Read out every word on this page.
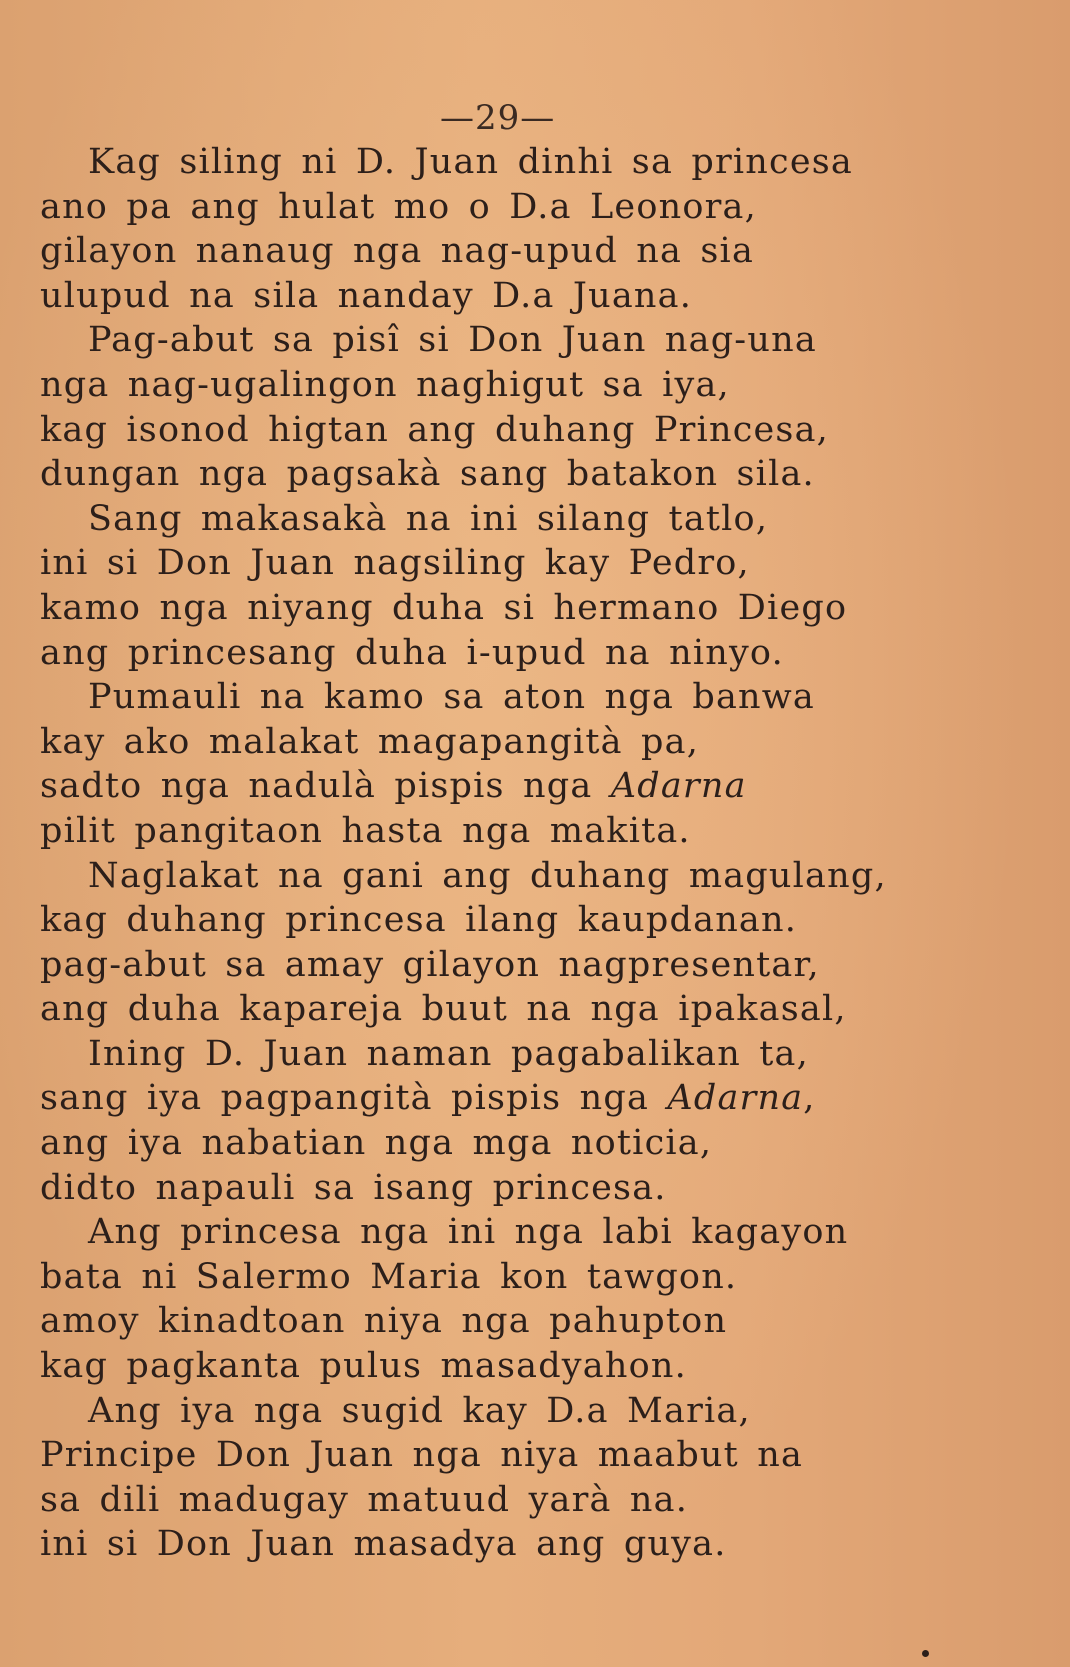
—29—
Kag siling ni D. Juan dinhi sa princesa
ano pa ang hulat mo o D.a Leonora,
gilayon nanaug nga nag-upud na sia
ulupud na sila nanday D.a Juana.
Pag-abut sa pisî si Don Juan nag-una
nga nag-ugalingon naghigut sa iya,
kag isonod higtan ang duhang Princesa,
dungan nga pagsakà sang batakon sila.
Sang makasakà na ini silang tatlo,
ini si Don Juan nagsiling kay Pedro,
kamo nga niyang duha si hermano Diego
ang princesang duha i-upud na ninyo.
Pumauli na kamo sa aton nga banwa
kay ako malakat magapangità pa,
sadto nga nadulà pispis nga Adarna
pilit pangitaon hasta nga makita.
Naglakat na gani ang duhang magulang,
kag duhang princesa ilang kaupdanan.
pag-abut sa amay gilayon nagpresentar,
ang duha kapareja buut na nga ipakasal,
Ining D. Juan naman pagabalikan ta,
sang iya pagpangità pispis nga Adarna,
ang iya nabatian nga mga noticia,
didto napauli sa isang princesa.
Ang princesa nga ini nga labi kagayon
bata ni Salermo Maria kon tawgon.
amoy kinadtoan niya nga pahupton
kag pagkanta pulus masadyahon.
Ang iya nga sugid kay D.a Maria,
Principe Don Juan nga niya maabut na
sa dili madugay matuud yarà na.
ini si Don Juan masadya ang guya.
